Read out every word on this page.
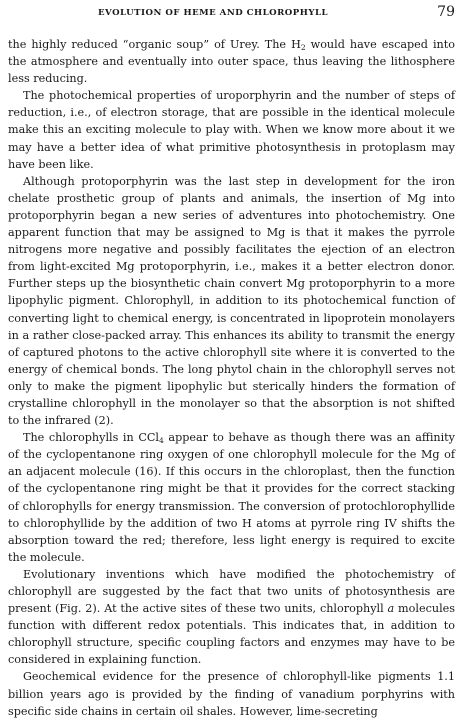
EVOLUTION OF HEME AND CHLOROPHYLL	79

the highly reduced “organic soup” of Urey. The $H_2$ would have escaped into the atmosphere and eventually into outer space, thus leaving the lithosphere less reducing.

The photochemical properties of uroporphyrin and the number of steps of reduction, i.e., of electron storage, that are possible in the identical molecule make this an exciting molecule to play with. When we know more about it we may have a better idea of what primitive photosynthesis in protoplasm may have been like.

Although protoporphyrin was the last step in development for the iron chelate prosthetic group of plants and animals, the insertion of Mg into protoporphyrin began a new series of adventures into photochemistry. One apparent function that may be assigned to Mg is that it makes the pyrrole nitrogens more negative and possibly facilitates the ejection of an electron from light-excited Mg protoporphyrin, i.e., makes it a better electron donor. Further steps up the biosynthetic chain convert Mg protoporphyrin to a more lipophylic pigment. Chlorophyll, in addition to its photochemical function of converting light to chemical energy, is concentrated in lipoprotein monolayers in a rather close-packed array. This enhances its ability to transmit the energy of captured photons to the active chlorophyll site where it is converted to the energy of chemical bonds. The long phytol chain in the chlorophyll serves not only to make the pigment lipophylic but sterically hinders the formation of crystalline chlorophyll in the monolayer so that the absorption is not shifted to the infrared (2).

The chlorophylls in CCl$_4$ appear to behave as though there was an affinity of the cyclopentanone ring oxygen of one chlorophyll molecule for the Mg of an adjacent molecule (16). If this occurs in the chloroplast, then the function of the cyclopentanone ring might be that it provides for the correct stacking of chlorophylls for energy transmission. The conversion of protochlorophyllide to chlorophyllide by the addition of two H atoms at pyrrole ring IV shifts the absorption toward the red; therefore, less light energy is required to excite the molecule.

Evolutionary inventions which have modified the photochemistry of chlorophyll are suggested by the fact that two units of photosynthesis are present (Fig. 2). At the active sites of these two units, chlorophyll a molecules function with different redox potentials. This indicates that, in addition to chlorophyll structure, specific coupling factors and enzymes may have to be considered in explaining function.

Geochemical evidence for the presence of chlorophyll-like pigments 1.1 billion years ago is provided by the finding of vanadium porphyrins with specific side chains in certain oil shales. However, lime-secreting
